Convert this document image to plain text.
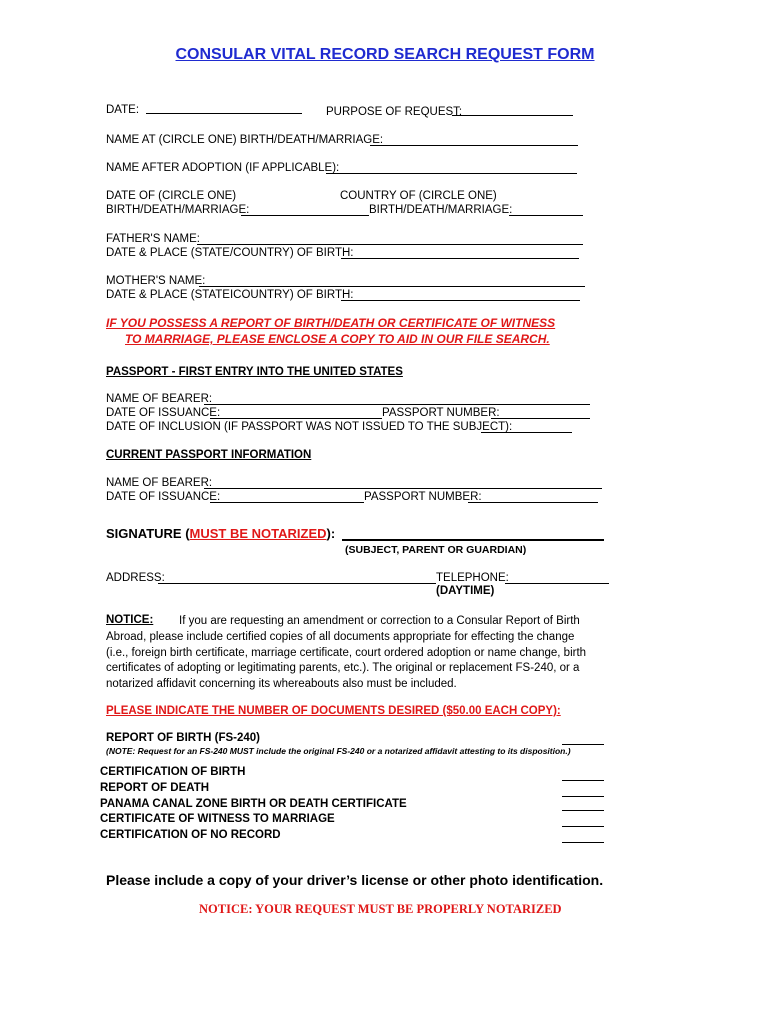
CONSULAR VITAL RECORD SEARCH REQUEST FORM
DATE:	PURPOSE OF REQUEST:
NAME AT (CIRCLE ONE) BIRTH/DEATH/MARRIAGE:
NAME AFTER ADOPTION (IF APPLICABLE):
DATE OF (CIRCLE ONE)
BIRTH/DEATH/MARRIAGE:
COUNTRY OF (CIRCLE ONE)
BIRTH/DEATH/MARRIAGE:
FATHER'S NAME:
DATE & PLACE (STATE/COUNTRY) OF BIRTH:
MOTHER'S NAME:
DATE & PLACE (STATEICOUNTRY) OF BIRTH:
IF YOU POSSESS A REPORT OF BIRTH/DEATH OR CERTIFICATE OF WITNESS
TO MARRIAGE, PLEASE ENCLOSE A COPY TO AID IN OUR FILE SEARCH.
PASSPORT - FIRST ENTRY INTO THE UNITED STATES
NAME OF BEARER:
DATE OF ISSUANCE:	PASSPORT NUMBER:
DATE OF INCLUSION (IF PASSPORT WAS NOT ISSUED TO THE SUBJECT):
CURRENT PASSPORT INFORMATION
NAME OF BEARER:
DATE OF ISSUANCE:	PASSPORT NUMBER:
SIGNATURE (MUST BE NOTARIZED):
(SUBJECT, PARENT OR GUARDIAN)
ADDRESS:	TELEPHONE:
(DAYTIME)
NOTICE: If you are requesting an amendment or correction to a Consular Report of Birth
Abroad, please include certified copies of all documents appropriate for effecting the change
(i.e., foreign birth certificate, marriage certificate, court ordered adoption or name change, birth
certificates of adopting or legitimating parents, etc.). The original or replacement FS-240, or a
notarized affidavit concerning its whereabouts also must be included.
PLEASE INDICATE THE NUMBER OF DOCUMENTS DESIRED ($50.00 EACH COPY):
REPORT OF BIRTH (FS-240)
(NOTE: Request for an FS-240 MUST include the original FS-240 or a notarized affidavit attesting to its disposition.)
CERTIFICATION OF BIRTH
REPORT OF DEATH
PANAMA CANAL ZONE BIRTH OR DEATH CERTIFICATE
CERTIFICATE OF WITNESS TO MARRIAGE
CERTIFICATION OF NO RECORD
Please include a copy of your driver’s license or other photo identification.
NOTICE: YOUR REQUEST MUST BE PROPERLY NOTARIZED
